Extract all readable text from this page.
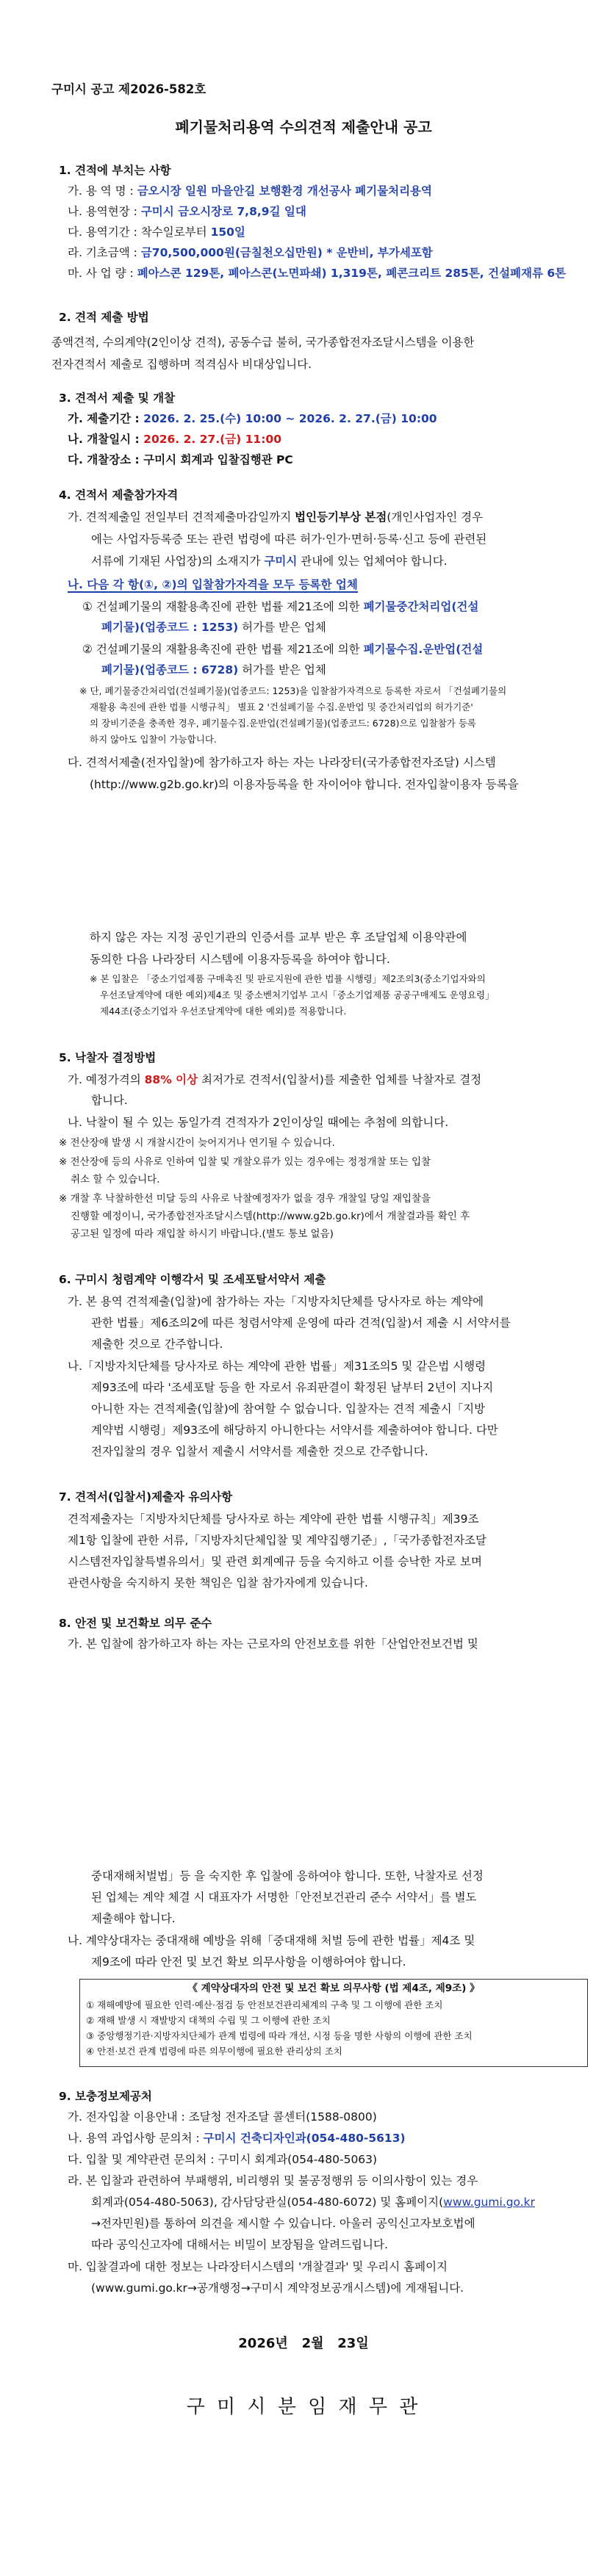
구미시 공고 제2026-582호
폐기물처리용역 수의견적 제출안내 공고
1. 견적에 부치는 사항
가. 용 역 명 : 금오시장 일원 마을안길 보행환경 개선공사 폐기물처리용역
나. 용역현장 : 구미시 금오시장로 7,8,9길 일대
다. 용역기간 : 착수일로부터 150일
라. 기초금액 : 금70,500,000원(금칠천오십만원) * 운반비, 부가세포함
마. 사 업 량 : 폐아스콘 129톤, 폐아스콘(노면파쇄) 1,319톤, 폐콘크리트 285톤, 건설폐재류 6톤
2. 견적 제출 방법
종액견적, 수의계약(2인이상 견적), 공동수급 불허, 국가종합전자조달시스템을 이용한
전자견적서 제출로 집행하며 적격심사 비대상입니다.
3. 견적서 제출 및 개찰
가. 제출기간 : 2026. 2. 25.(수) 10:00 ~ 2026. 2. 27.(금) 10:00
나. 개찰일시 : 2026. 2. 27.(금) 11:00
다. 개찰장소 : 구미시 회계과 입찰집행관 PC
4. 견적서 제출참가자격
가. 견적제출일 전일부터 견적제출마감일까지 법인등기부상 본점(개인사업자인 경우
에는 사업자등록증 또는 관련 법령에 따른 허가·인가·면허·등록·신고 등에 관련된
서류에 기재된 사업장)의 소재지가 구미시 관내에 있는 업체여야 합니다.
나. 다음 각 항(①, ②)의 입찰참가자격을 모두 등록한 업체
① 건설폐기물의 재활용촉진에 관한 법률 제21조에 의한 폐기물중간처리업(건설
폐기물)(업종코드 : 1253) 허가를 받은 업체
② 건설폐기물의 재활용촉진에 관한 법률 제21조에 의한 폐기물수집.운반업(건설
폐기물)(업종코드 : 6728) 허가를 받은 업체
※ 단, 폐기물중간처리업(건설폐기물)(업종코드: 1253)을 입찰참가자격으로 등록한 자로서 「건설폐기물의
재활용 촉진에 관한 법률 시행규칙」 별표 2 '건설폐기물 수집.운반업 및 중간처리업의 허가기준'
의 장비기준을 충족한 경우, 폐기물수집.운반업(건설폐기물)(업종코드: 6728)으로 입찰참가 등록
하지 않아도 입찰이 가능합니다.
다. 견적서제출(전자입찰)에 참가하고자 하는 자는 나라장터(국가종합전자조달) 시스템
(http://www.g2b.go.kr)의 이용자등록을 한 자이어야 합니다. 전자입찰이용자 등록을
하지 않은 자는 지정 공인기관의 인증서를 교부 받은 후 조달업체 이용약관에
동의한 다음 나라장터 시스템에 이용자등록을 하여야 합니다.
※ 본 입찰은 「중소기업제품 구매촉진 및 판로지원에 관한 법률 시행령」제2조의3(중소기업자와의
우선조달계약에 대한 예외)제4조 및 중소벤처기업부 고시「중소기업제품 공공구매제도 운영요령」
제44조(중소기업자 우선조달계약에 대한 예외)를 적용합니다.
5. 낙찰자 결정방법
가. 예정가격의 88% 이상 최저가로 견적서(입찰서)를 제출한 업체를 낙찰자로 결정
합니다.
나. 낙찰이 될 수 있는 동일가격 견적자가 2인이상일 때에는 추첨에 의합니다.
※ 전산장애 발생 시 개찰시간이 늦어지거나 연기될 수 있습니다.
※ 전산장애 등의 사유로 인하여 입찰 및 개찰오류가 있는 경우에는 정정개찰 또는 입찰
취소 할 수 있습니다.
※ 개찰 후 낙찰하한선 미달 등의 사유로 낙찰예정자가 없을 경우 개찰일 당일 재입찰을
진행할 예정이니, 국가종합전자조달시스템(http://www.g2b.go.kr)에서 개찰결과를 확인 후
공고된 일정에 따라 재입찰 하시기 바랍니다.(별도 통보 없음)
6. 구미시 청렴계약 이행각서 및 조세포탈서약서 제출
가. 본 용역 견적제출(입찰)에 참가하는 자는「지방자치단체를 당사자로 하는 계약에
관한 법률」제6조의2에 따른 청렴서약제 운영에 따라 견적(입찰)서 제출 시 서약서를
제출한 것으로 간주합니다.
나.「지방자치단체를 당사자로 하는 계약에 관한 법률」제31조의5 및 같은법 시행령
제93조에 따라 '조세포탈 등을 한 자로서 유죄판결이 확정된 날부터 2년이 지나지
아니한 자는 견적제출(입찰)에 참여할 수 없습니다. 입찰자는 견적 제출시「지방
계약법 시행령」제93조에 해당하지 아니한다는 서약서를 제출하여야 합니다. 다만
전자입찰의 경우 입찰서 제출시 서약서를 제출한 것으로 간주합니다.
7. 견적서(입찰서)제출자 유의사항
견적제출자는「지방자치단체를 당사자로 하는 계약에 관한 법률 시행규칙」제39조
제1항 입찰에 관한 서류,「지방자치단체입찰 및 계약집행기준」,「국가종합전자조달
시스템전자입찰특별유의서」및 관련 회계예규 등을 숙지하고 이를 승낙한 자로 보며
관련사항을 숙지하지 못한 책임은 입찰 참가자에게 있습니다.
8. 안전 및 보건확보 의무 준수
가. 본 입찰에 참가하고자 하는 자는 근로자의 안전보호를 위한「산업안전보건법 및
중대재해처벌법」등 을 숙지한 후 입찰에 응하여야 합니다. 또한, 낙찰자로 선정
된 업체는 계약 체결 시 대표자가 서명한「안전보건관리 준수 서약서」를 별도
제출해야 합니다.
나. 계약상대자는 중대재해 예방을 위해「중대재해 처벌 등에 관한 법률」제4조 및
제9조에 따라 안전 및 보건 확보 의무사항을 이행하여야 합니다.
《 계약상대자의 안전 및 보건 확보 의무사항 (법 제4조, 제9조) 》
① 재해예방에 필요한 인력·예산·점검 등 안전보건관리체계의 구축 및 그 이행에 관한 조치
② 재해 발생 시 재발방지 대책의 수립 및 그 이행에 관한 조치
③ 중앙행정기관·지방자치단체가 관계 법령에 따라 개선, 시정 등을 명한 사항의 이행에 관한 조치
④ 안전·보건 관계 법령에 따른 의무이행에 필요한 관리상의 조치
9. 보충정보제공처
가. 전자입찰 이용안내 : 조달청 전자조달 콜센터(1588-0800)
나. 용역 과업사항 문의처 : 구미시 건축디자인과(054-480-5613)
다. 입찰 및 계약관련 문의처 : 구미시 회계과(054-480-5063)
라. 본 입찰과 관련하여 부패행위, 비리행위 및 불공정행위 등 이의사항이 있는 경우
회계과(054-480-5063), 감사담당관실(054-480-6072) 및 홈페이지(www.gumi.go.kr
→전자민원)를 통하여 의견을 제시할 수 있습니다. 아울러 공익신고자보호법에
따라 공익신고자에 대해서는 비밀이 보장됨을 알려드립니다.
마. 입찰결과에 대한 정보는 나라장터시스템의 '개찰결과' 및 우리시 홈페이지
(www.gumi.go.kr→공개행정→구미시 계약정보공개시스템)에 게재됩니다.
2026년   2월   23일
구 미 시 분 임 재 무 관
